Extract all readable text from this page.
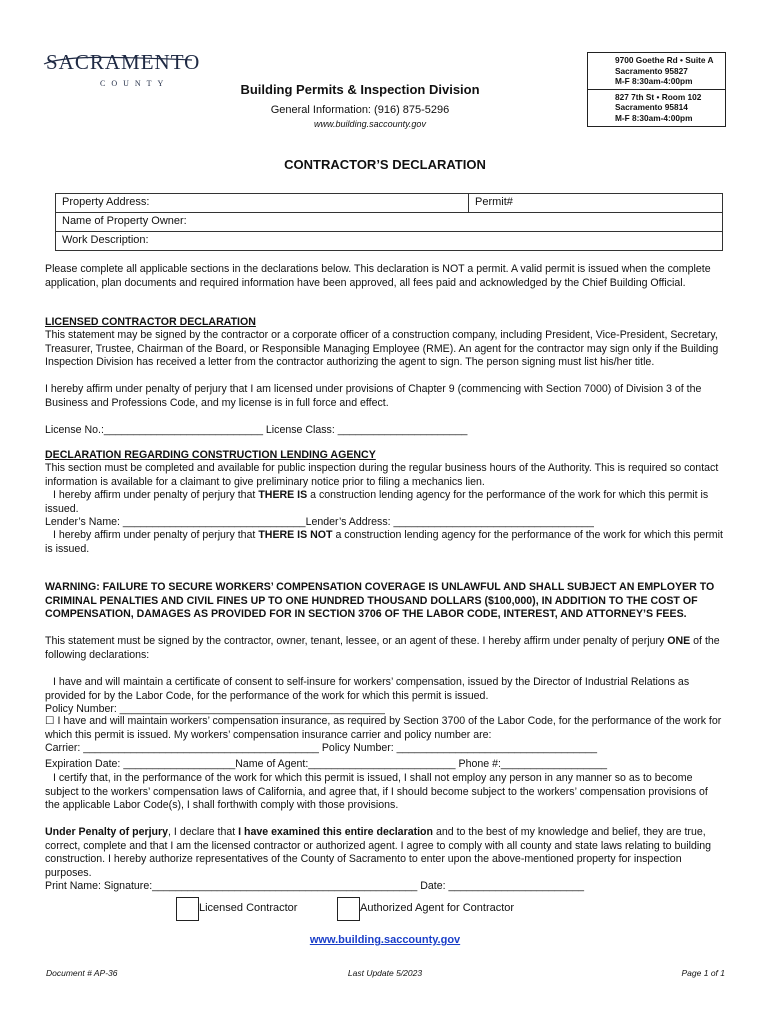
SACRAMENTO
COUNTY	Building Permits & Inspection Division
General Information: (916) 875-5296
www.building.saccounty.gov
9700 Goethe Rd • Suite A
Sacramento 95827
M-F 8:30am-4:00pm
827 7th St • Room 102
Sacramento 95814
M-F 8:30am-4:00pm
CONTRACTOR’S DECLARATION
Property Address:	Permit#
Name of Property Owner:
Work Description:
Please complete all applicable sections in the declarations below. This declaration is NOT a permit. A valid permit is issued when the complete application, plan documents and required information have been approved, all fees paid and acknowledged by the Chief Building Official.
LICENSED CONTRACTOR DECLARATION
This statement may be signed by the contractor or a corporate officer of a construction company, including President, Vice-President, Secretary, Treasurer, Trustee, Chairman of the Board, or Responsible Managing Employee (RME). An agent for the contractor may sign only if the Building Inspection Division has received a letter from the contractor authorizing the agent to sign. The person signing must list his/her title.
I hereby affirm under penalty of perjury that I am licensed under provisions of Chapter 9 (commencing with Section 7000) of Division 3 of the Business and Professions Code, and my license is in full force and effect.
License No.:___________________________ License Class: ______________________
DECLARATION REGARDING CONSTRUCTION LENDING AGENCY
This section must be completed and available for public inspection during the regular business hours of the Authority. This is required so contact information is available for a claimant to give preliminary notice prior to filing a mechanics lien.
I hereby affirm under penalty of perjury that THERE IS a construction lending agency for the performance of the work for which this permit is issued.
Lender’s Name: _______________________________Lender’s Address: __________________________________
I hereby affirm under penalty of perjury that THERE IS NOT a construction lending agency for the performance of the work for which this permit is issued.
WARNING: FAILURE TO SECURE WORKERS’ COMPENSATION COVERAGE IS UNLAWFUL AND SHALL SUBJECT AN EMPLOYER TO CRIMINAL PENALTIES AND CIVIL FINES UP TO ONE HUNDRED THOUSAND DOLLARS ($100,000), IN ADDITION TO THE COST OF COMPENSATION, DAMAGES AS PROVIDED FOR IN SECTION 3706 OF THE LABOR CODE, INTEREST, AND ATTORNEY’S FEES.
This statement must be signed by the contractor, owner, tenant, lessee, or an agent of these. I hereby affirm under penalty of perjury ONE of the following declarations:
I have and will maintain a certificate of consent to self-insure for workers’ compensation, issued by the Director of Industrial Relations as provided for by the Labor Code, for the performance of the work for which this permit is issued.
Policy Number: _____________________________________________
☐ I have and will maintain workers’ compensation insurance, as required by Section 3700 of the Labor Code, for the performance of the work for which this permit is issued. My workers’ compensation insurance carrier and policy number are:
Carrier: ________________________________________ Policy Number: __________________________________
Expiration Date: ___________________Name of Agent:_________________________ Phone #:__________________
I certify that, in the performance of the work for which this permit is issued, I shall not employ any person in any manner so as to become subject to the workers’ compensation laws of California, and agree that, if I should become subject to the workers’ compensation provisions of the applicable Labor Code(s), I shall forthwith comply with those provisions.
Under Penalty of perjury, I declare that I have examined this entire declaration and to the best of my knowledge and belief, they are true, correct, complete and that I am the licensed contractor or authorized agent. I agree to comply with all county and state laws relating to building construction. I hereby authorize representatives of the County of Sacramento to enter upon the above-mentioned property for inspection purposes.
Print Name: Signature:_____________________________________________ Date: _______________________
Licensed Contractor	Authorized Agent for Contractor
www.building.saccounty.gov
Document # AP-36	Last Update 5/2023	Page 1 of 1
